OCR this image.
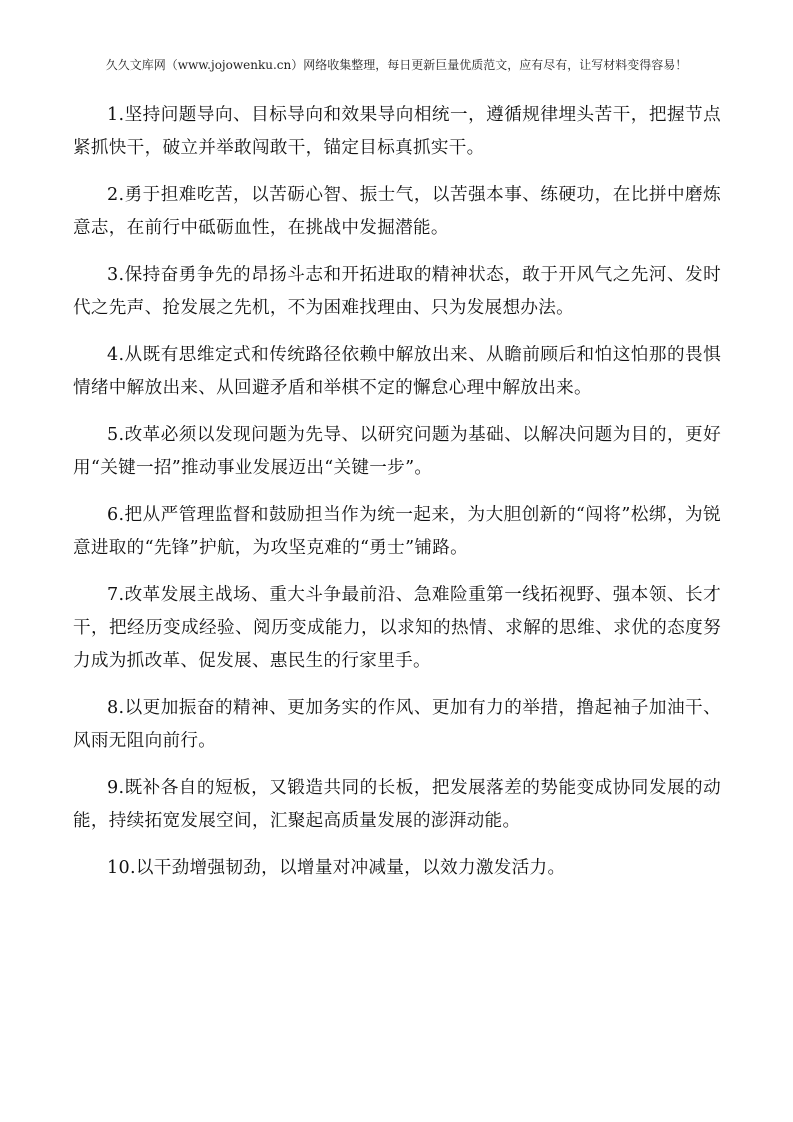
久久文库网（www.jojowenku.cn）网络收集整理，每日更新巨量优质范文，应有尽有，让写材料变得容易！

1.坚持问题导向、目标导向和效果导向相统一，遵循规律埋头苦干，把握节点紧抓快干，破立并举敢闯敢干，锚定目标真抓实干。

2.勇于担难吃苦，以苦砺心智、振士气，以苦强本事、练硬功，在比拼中磨炼意志，在前行中砥砺血性，在挑战中发掘潜能。

3.保持奋勇争先的昂扬斗志和开拓进取的精神状态，敢于开风气之先河、发时代之先声、抢发展之先机，不为困难找理由、只为发展想办法。

4.从既有思维定式和传统路径依赖中解放出来、从瞻前顾后和怕这怕那的畏惧情绪中解放出来、从回避矛盾和举棋不定的懈怠心理中解放出来。

5.改革必须以发现问题为先导、以研究问题为基础、以解决问题为目的，更好用“关键一招”推动事业发展迈出“关键一步”。

6.把从严管理监督和鼓励担当作为统一起来，为大胆创新的“闯将”松绑，为锐意进取的“先锋”护航，为攻坚克难的“勇士”铺路。

7.改革发展主战场、重大斗争最前沿、急难险重第一线拓视野、强本领、长才干，把经历变成经验、阅历变成能力，以求知的热情、求解的思维、求优的态度努力成为抓改革、促发展、惠民生的行家里手。

8.以更加振奋的精神、更加务实的作风、更加有力的举措，撸起袖子加油干、风雨无阻向前行。

9.既补各自的短板，又锻造共同的长板，把发展落差的势能变成协同发展的动能，持续拓宽发展空间，汇聚起高质量发展的澎湃动能。

10.以干劲增强韧劲，以增量对冲减量，以效力激发活力。
